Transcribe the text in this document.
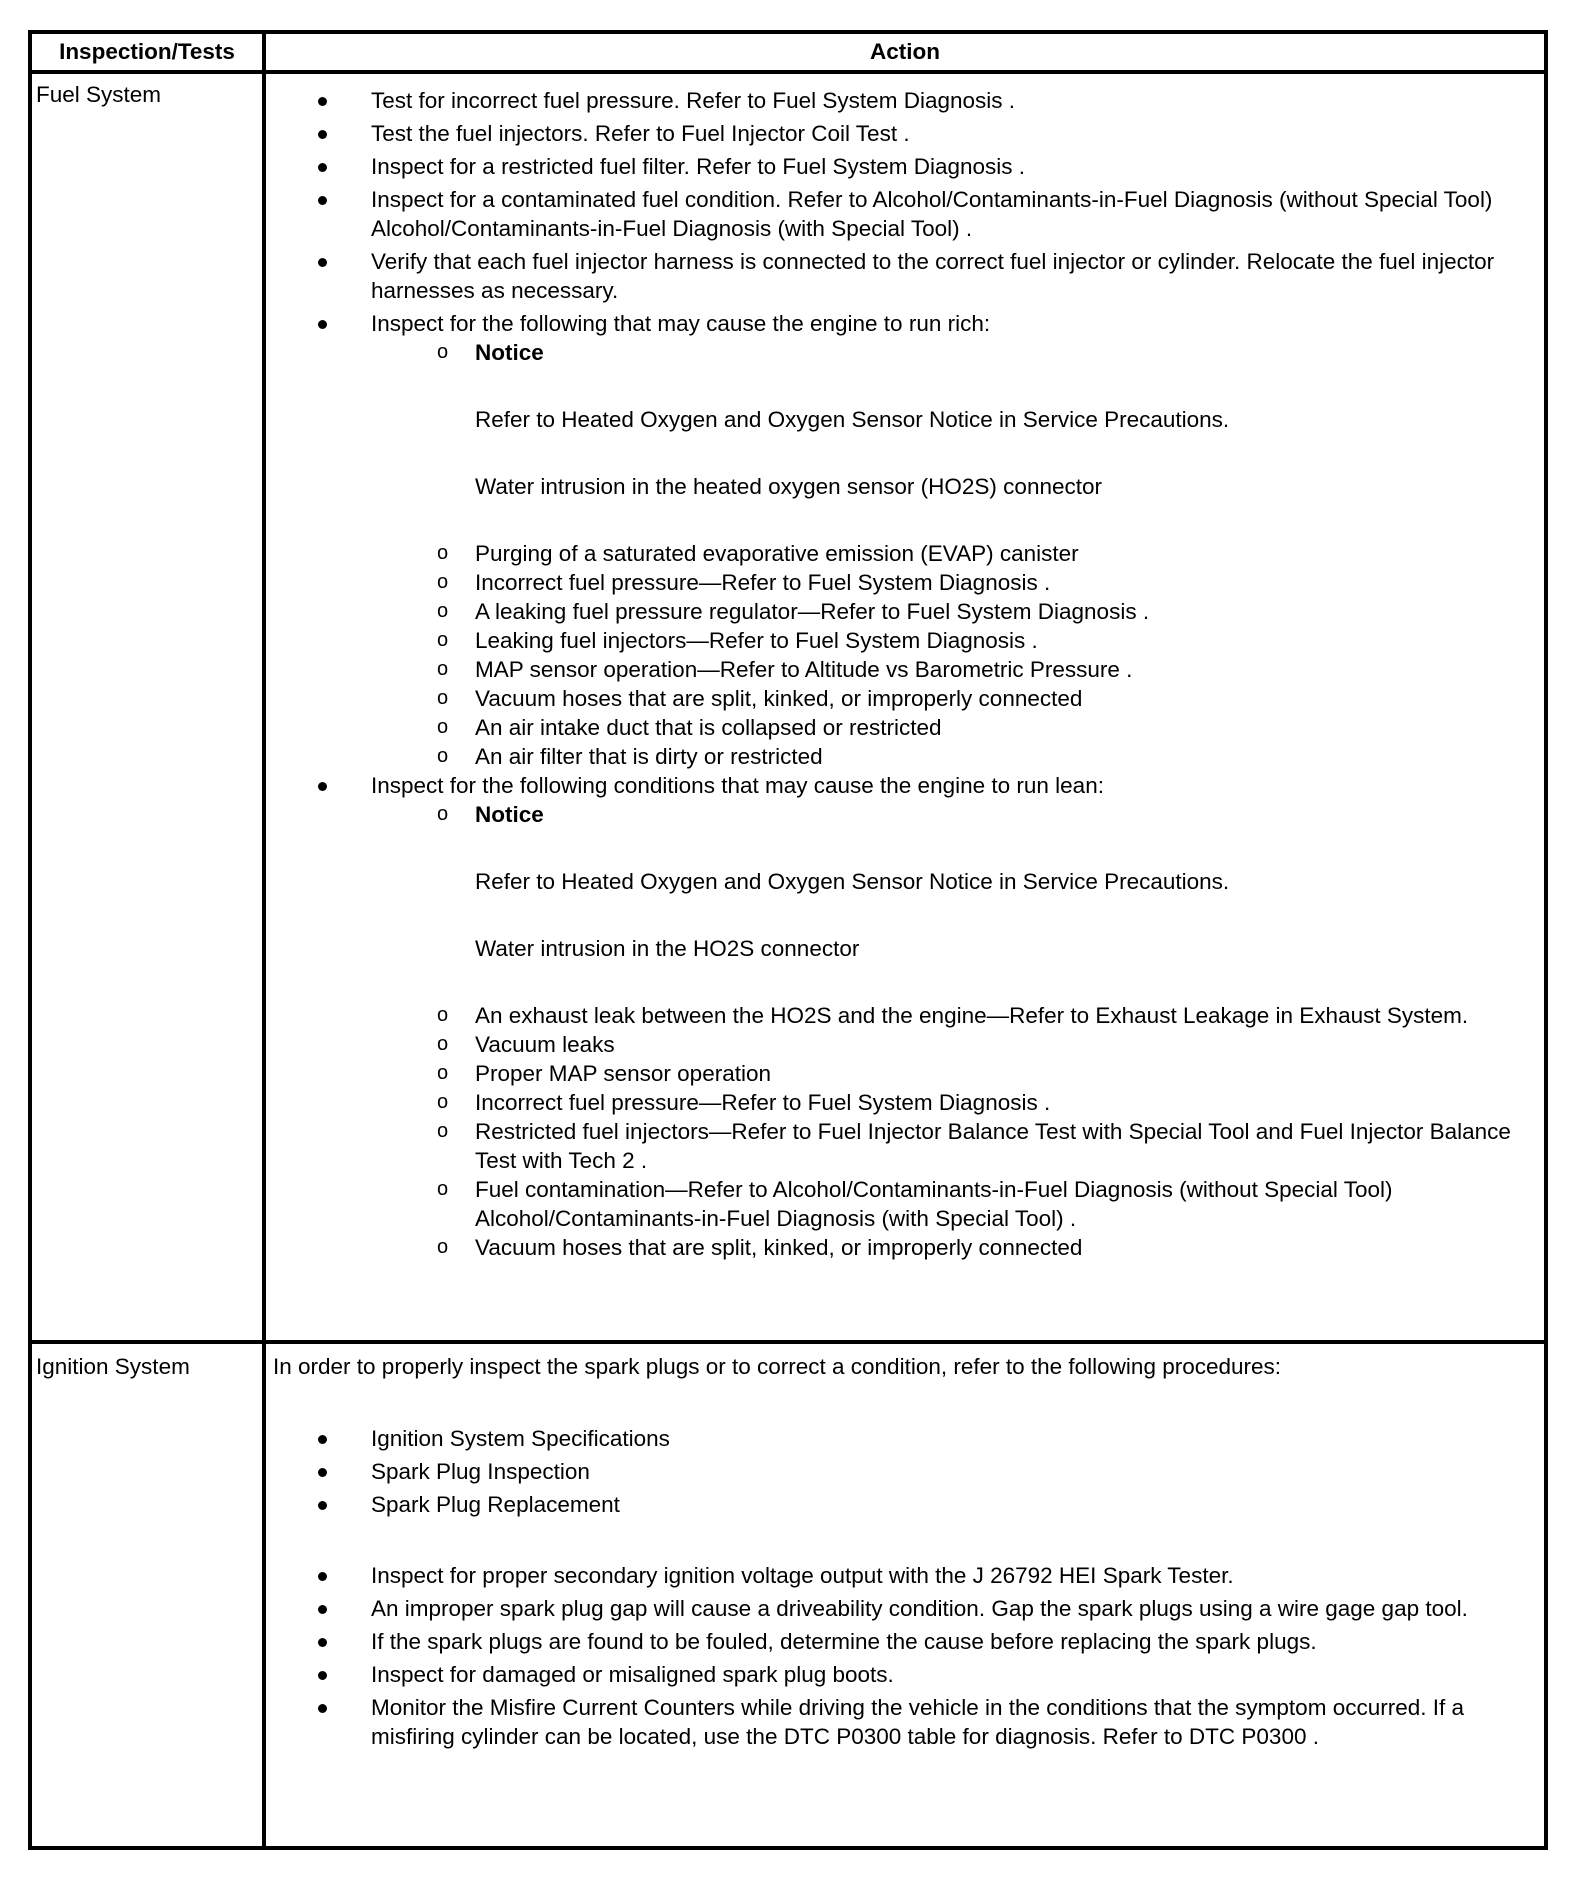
Inspection/Tests	Action
Fuel System	Test for incorrect fuel pressure. Refer to Fuel System Diagnosis .
Test the fuel injectors. Refer to Fuel Injector Coil Test .
Inspect for a restricted fuel filter. Refer to Fuel System Diagnosis .
Inspect for a contaminated fuel condition. Refer to Alcohol/Contaminants-in-Fuel Diagnosis (without Special Tool) Alcohol/Contaminants-in-Fuel Diagnosis (with Special Tool) .
Verify that each fuel injector harness is connected to the correct fuel injector or cylinder. Relocate the fuel injector harnesses as necessary.
Inspect for the following that may cause the engine to run rich:
o Notice
Refer to Heated Oxygen and Oxygen Sensor Notice in Service Precautions.
Water intrusion in the heated oxygen sensor (HO2S) connector
o Purging of a saturated evaporative emission (EVAP) canister
o Incorrect fuel pressure—Refer to Fuel System Diagnosis .
o A leaking fuel pressure regulator—Refer to Fuel System Diagnosis .
o Leaking fuel injectors—Refer to Fuel System Diagnosis .
o MAP sensor operation—Refer to Altitude vs Barometric Pressure .
o Vacuum hoses that are split, kinked, or improperly connected
o An air intake duct that is collapsed or restricted
o An air filter that is dirty or restricted
Inspect for the following conditions that may cause the engine to run lean:
o Notice
Refer to Heated Oxygen and Oxygen Sensor Notice in Service Precautions.
Water intrusion in the HO2S connector
o An exhaust leak between the HO2S and the engine—Refer to Exhaust Leakage in Exhaust System.
o Vacuum leaks
o Proper MAP sensor operation
o Incorrect fuel pressure—Refer to Fuel System Diagnosis .
o Restricted fuel injectors—Refer to Fuel Injector Balance Test with Special Tool and Fuel Injector Balance Test with Tech 2 .
o Fuel contamination—Refer to Alcohol/Contaminants-in-Fuel Diagnosis (without Special Tool) Alcohol/Contaminants-in-Fuel Diagnosis (with Special Tool) .
o Vacuum hoses that are split, kinked, or improperly connected
Ignition System	In order to properly inspect the spark plugs or to correct a condition, refer to the following procedures:
Ignition System Specifications
Spark Plug Inspection
Spark Plug Replacement
Inspect for proper secondary ignition voltage output with the J 26792 HEI Spark Tester.
An improper spark plug gap will cause a driveability condition. Gap the spark plugs using a wire gage gap tool.
If the spark plugs are found to be fouled, determine the cause before replacing the spark plugs.
Inspect for damaged or misaligned spark plug boots.
Monitor the Misfire Current Counters while driving the vehicle in the conditions that the symptom occurred. If a misfiring cylinder can be located, use the DTC P0300 table for diagnosis. Refer to DTC P0300 .
